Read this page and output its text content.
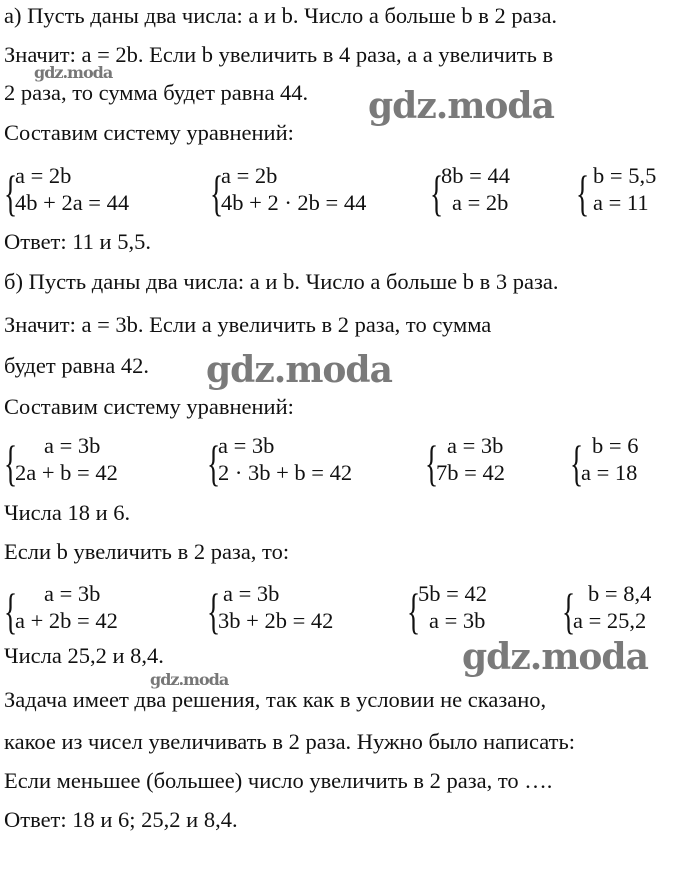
а) Пусть даны два числа: a и b. Число a больше b в 2 раза.
Значит: a = 2b. Если b увеличить в 4 раза, а a увеличить в
2 раза, то сумма будет равна 44.
Составим систему уравнений:
{
a = 2b
4b + 2a = 44 {
a = 2b
4b + 2 · 2b = 44 {
8b = 44
a = 2b { b = 5,5
a = 11
Ответ: 11 и 5,5.
б) Пусть даны два числа: a и b. Число a больше b в 3 раза.
Значит: a = 3b. Если a увеличить в 2 раза, то сумма
будет равна 42.
Составим систему уравнений:
{ a = 3b
2a + b = 42 {
a = 3b
2 · 3b + b = 42 { a = 3b
7b = 42 { b = 6
a = 18
Числа 18 и 6.
Если b увеличить в 2 раза, то:
{ a = 3b
a + 2b = 42 { a = 3b
3b + 2b = 42 {
5b = 42
a = 3b { b = 8,4
a = 25,2
Числа 25,2 и 8,4.
Задача имеет два решения, так как в условии не сказано,
какое из чисел увеличивать в 2 раза. Нужно было написать:
Если меньшее (большее) число увеличить в 2 раза, то ….
Ответ: 18 и 6; 25,2 и 8,4.
gdz.moda
gdz.moda
gdz.moda
gdz.moda
gdz.moda
